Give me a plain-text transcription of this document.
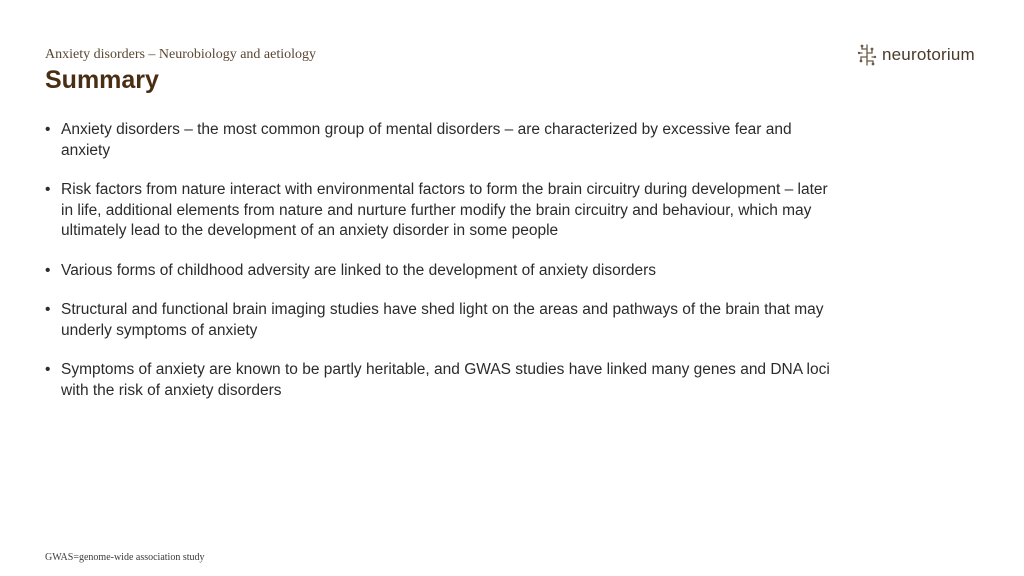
Anxiety disorders – Neurobiology and aetiology
Summary
neurotorium
• Anxiety disorders – the most common group of mental disorders – are characterized by excessive fear and anxiety
• Risk factors from nature interact with environmental factors to form the brain circuitry during development – later in life, additional elements from nature and nurture further modify the brain circuitry and behaviour, which may ultimately lead to the development of an anxiety disorder in some people
• Various forms of childhood adversity are linked to the development of anxiety disorders
• Structural and functional brain imaging studies have shed light on the areas and pathways of the brain that may underly symptoms of anxiety
• Symptoms of anxiety are known to be partly heritable, and GWAS studies have linked many genes and DNA loci with the risk of anxiety disorders
GWAS=genome-wide association study
